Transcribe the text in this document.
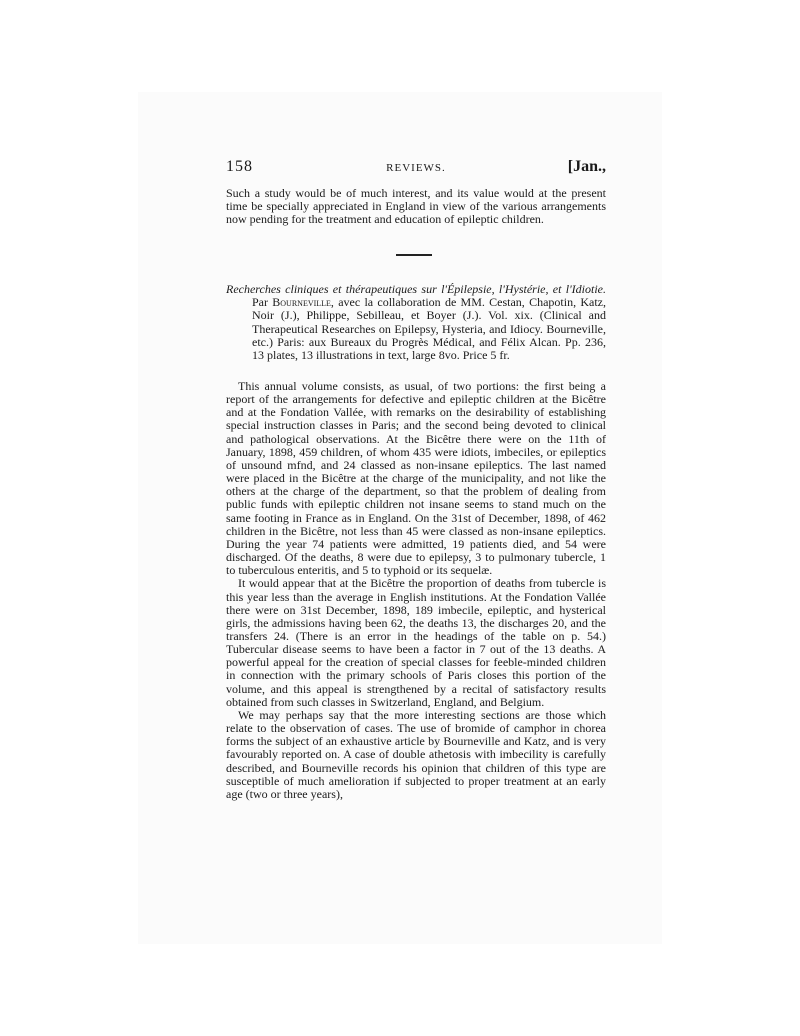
158	REVIEWS.	[Jan.,

Such a study would be of much interest, and its value would at the present time be specially appreciated in England in view of the various arrangements now pending for the treatment and education of epileptic children.

Recherches cliniques et thérapeutiques sur l'Épilepsie, l'Hystérie, et l'Idiotie. Par Bourneville, avec la collaboration de MM. Cestan, Chapotin, Katz, Noir (J.), Philippe, Sebilleau, et Boyer (J.). Vol. xix. (Clinical and Therapeutical Researches on Epilepsy, Hysteria, and Idiocy. Bourneville, etc.) Paris: aux Bureaux du Progrès Médical, and Félix Alcan. Pp. 236, 13 plates, 13 illustrations in text, large 8vo. Price 5 fr.

This annual volume consists, as usual, of two portions: the first being a report of the arrangements for defective and epileptic children at the Bicêtre and at the Fondation Vallée, with remarks on the desirability of establishing special instruction classes in Paris; and the second being devoted to clinical and pathological observations. At the Bicêtre there were on the 11th of January, 1898, 459 children, of whom 435 were idiots, imbeciles, or epileptics of unsound mfnd, and 24 classed as non-insane epileptics. The last named were placed in the Bicêtre at the charge of the municipality, and not like the others at the charge of the department, so that the problem of dealing from public funds with epileptic children not insane seems to stand much on the same footing in France as in England. On the 31st of December, 1898, of 462 children in the Bicêtre, not less than 45 were classed as non-insane epileptics. During the year 74 patients were admitted, 19 patients died, and 54 were discharged. Of the deaths, 8 were due to epilepsy, 3 to pulmonary tubercle, 1 to tuberculous enteritis, and 5 to typhoid or its sequelæ.

It would appear that at the Bicêtre the proportion of deaths from tubercle is this year less than the average in English institutions. At the Fondation Vallée there were on 31st December, 1898, 189 imbecile, epileptic, and hysterical girls, the admissions having been 62, the deaths 13, the discharges 20, and the transfers 24. (There is an error in the headings of the table on p. 54.) Tubercular disease seems to have been a factor in 7 out of the 13 deaths. A powerful appeal for the creation of special classes for feeble-minded children in connection with the primary schools of Paris closes this portion of the volume, and this appeal is strengthened by a recital of satisfactory results obtained from such classes in Switzerland, England, and Belgium.

We may perhaps say that the more interesting sections are those which relate to the observation of cases. The use of bromide of camphor in chorea forms the subject of an exhaustive article by Bourneville and Katz, and is very favourably reported on. A case of double athetosis with imbecility is carefully described, and Bourneville records his opinion that children of this type are susceptible of much amelioration if subjected to proper treatment at an early age (two or three years),
